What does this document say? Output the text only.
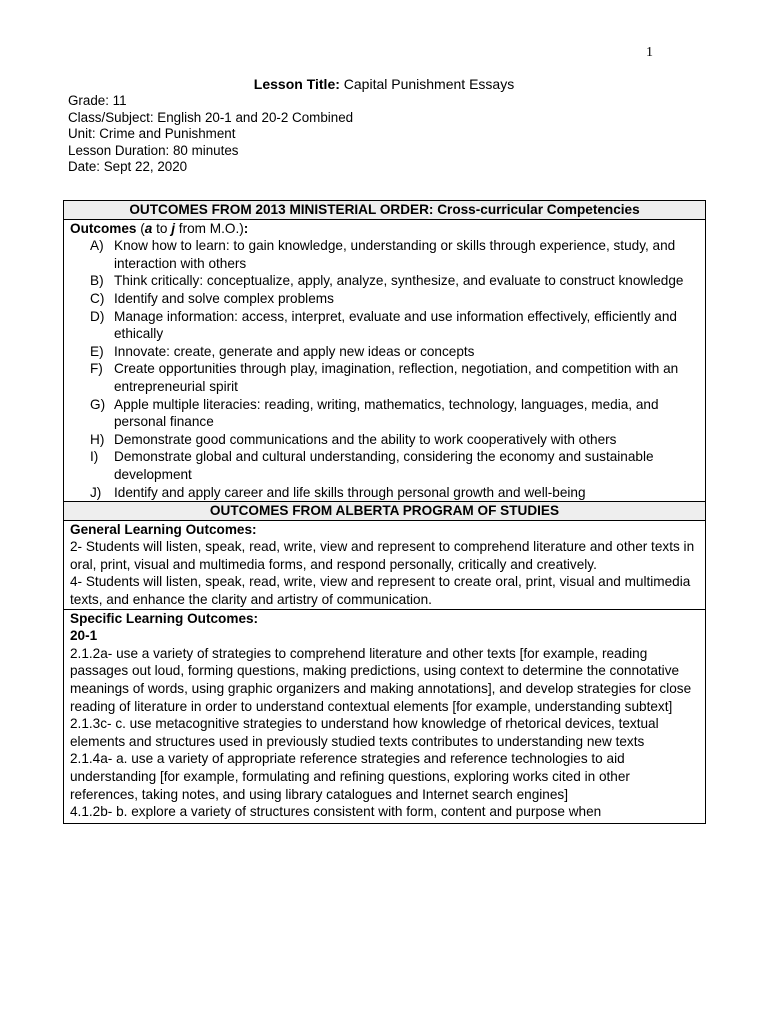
1
Lesson Title: Capital Punishment Essays
Grade: 11
Class/Subject: English 20-1 and 20-2 Combined
Unit: Crime and Punishment
Lesson Duration: 80 minutes
Date: Sept 22, 2020
OUTCOMES FROM 2013 MINISTERIAL ORDER: Cross-curricular Competencies

Outcomes (a to j from M.O.):
A) Know how to learn: to gain knowledge, understanding or skills through experience, study, and interaction with others
B) Think critically: conceptualize, apply, analyze, synthesize, and evaluate to construct knowledge
C) Identify and solve complex problems
D) Manage information: access, interpret, evaluate and use information effectively, efficiently and ethically
E) Innovate: create, generate and apply new ideas or concepts
F) Create opportunities through play, imagination, reflection, negotiation, and competition with an entrepreneurial spirit
G) Apple multiple literacies: reading, writing, mathematics, technology, languages, media, and personal finance
H) Demonstrate good communications and the ability to work cooperatively with others
I) Demonstrate global and cultural understanding, considering the economy and sustainable development
J) Identify and apply career and life skills through personal growth and well-being

OUTCOMES FROM ALBERTA PROGRAM OF STUDIES

General Learning Outcomes:
2- Students will listen, speak, read, write, view and represent to comprehend literature and other texts in oral, print, visual and multimedia forms, and respond personally, critically and creatively.
4- Students will listen, speak, read, write, view and represent to create oral, print, visual and multimedia texts, and enhance the clarity and artistry of communication.

Specific Learning Outcomes:
20-1
2.1.2a- use a variety of strategies to comprehend literature and other texts [for example, reading passages out loud, forming questions, making predictions, using context to determine the connotative meanings of words, using graphic organizers and making annotations], and develop strategies for close reading of literature in order to understand contextual elements [for example, understanding subtext]
2.1.3c- c. use metacognitive strategies to understand how knowledge of rhetorical devices, textual elements and structures used in previously studied texts contributes to understanding new texts
2.1.4a- a. use a variety of appropriate reference strategies and reference technologies to aid understanding [for example, formulating and refining questions, exploring works cited in other references, taking notes, and using library catalogues and Internet search engines]
4.1.2b- b. explore a variety of structures consistent with form, content and purpose when
